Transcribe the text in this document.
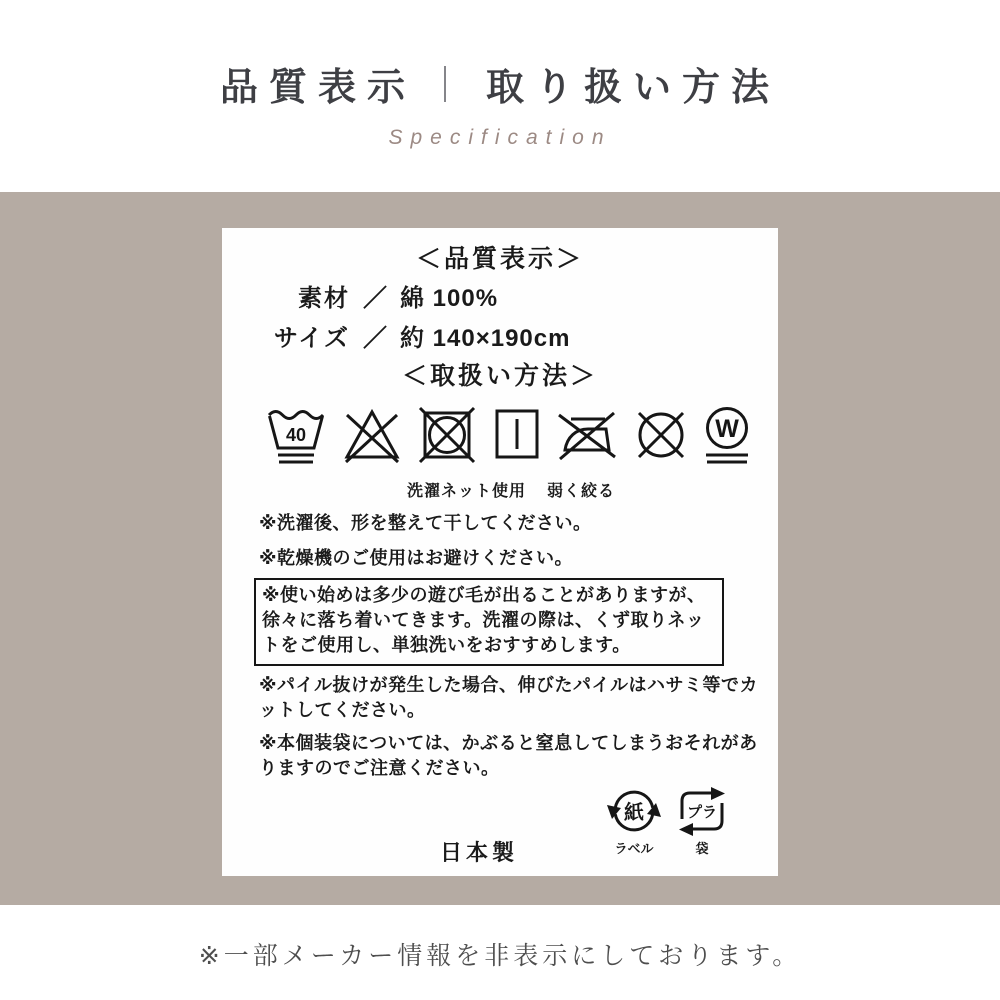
品質表示 取り扱い方法
Specification
＜品質表示＞
素材 ／ 綿 100%
サイズ ／ 約 140×190cm
＜取扱い方法＞
40	W
洗濯ネット使用 弱く絞る
※洗濯後、形を整えて干してください。
※乾燥機のご使用はお避けください。
※使い始めは多少の遊び毛が出ることがありますが、徐々に落ち着いてきます。洗濯の際は、くず取りネットをご使用し、単独洗いをおすすめします。
※パイル抜けが発生した場合、伸びたパイルはハサミ等でカットしてください。
※本個装袋については、かぶると窒息してしまうおそれがありますのでご注意ください。
日本製
紙
ラベル
プラ
袋
※一部メーカー情報を非表示にしております。
